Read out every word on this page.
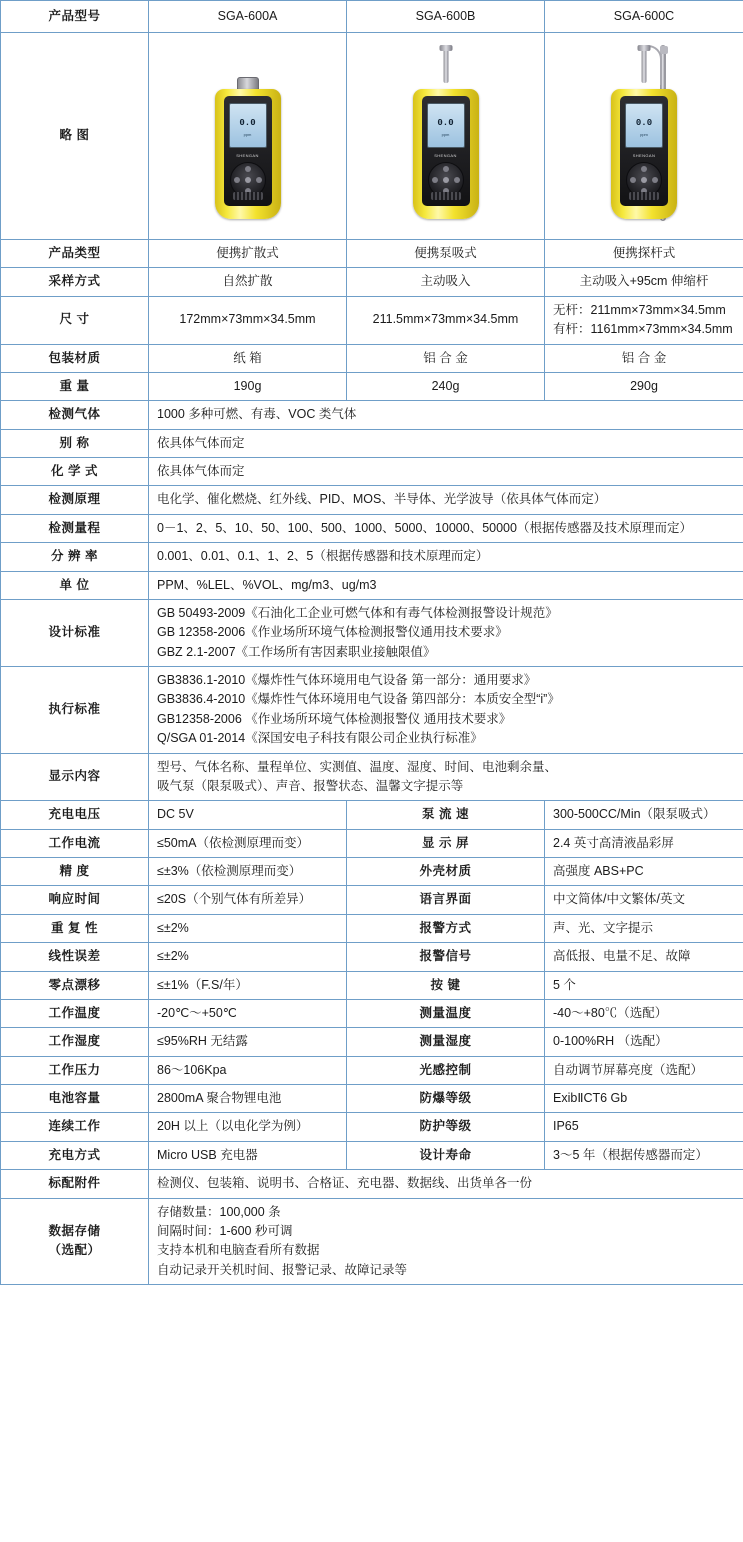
产品型号	SGA-600A	SGA-600B	SGA-600C
略 图	
0.0
ppm
SHENGAN

0.0
ppm
SHENGAN

0.0
ppm
SHENGAN

产品类型	便携扩散式	便携泵吸式	便携探杆式
采样方式	自然扩散	主动吸入	主动吸入+95cm 伸缩杆
尺 寸	172mm×73mm×34.5mm	211.5mm×73mm×34.5mm	无杆：211mm×73mm×34.5mm
有杆：1161mm×73mm×34.5mm

包装材质	纸 箱	铝 合 金	铝 合 金
重 量	190g	240g	290g
检测气体	1000 多种可燃、有毒、VOC 类气体		
别 称	依具体气体而定		
化 学 式	依具体气体而定		
检测原理	电化学、催化燃烧、红外线、PID、MOS、半导体、光学波导（依具体气体而定）		
检测量程	0－1、2、5、10、50、100、500、1000、5000、10000、50000（根据传感器及技术原理而定）		
分 辨 率	0.001、0.01、0.1、1、2、5（根据传感器和技术原理而定）		
单 位	PPM、%LEL、%VOL、mg/m3、ug/m3		
设计标准	GB 50493-2009《石油化工企业可燃气体和有毒气体检测报警设计规范》
GB 12358-2006《作业场所环境气体检测报警仪通用技术要求》
GBZ 2.1-2007《工作场所有害因素职业接触限值》		

执行标准	GB3836.1-2010《爆炸性气体环境用电气设备 第一部分：通用要求》
GB3836.4-2010《爆炸性气体环境用电气设备 第四部分：本质安全型“i”》
GB12358-2006 《作业场所环境气体检测报警仪 通用技术要求》
Q/SGA 01-2014《深国安电子科技有限公司企业执行标准》		

显示内容	型号、气体名称、量程单位、实测值、温度、湿度、时间、电池剩余量、
吸气泵（限泵吸式）、声音、报警状态、温馨文字提示等		

充电电压	DC 5V	泵 流 速	300-500CC/Min（限泵吸式）
工作电流	≤50mA（依检测原理而变）	显 示 屏	2.4 英寸高清液晶彩屏
精 度	≤±3%（依检测原理而变）	外壳材质	高强度 ABS+PC
响应时间	≤20S（个别气体有所差异）	语言界面	中文简体/中文繁体/英文
重 复 性	≤±2%	报警方式	声、光、文字提示
线性误差	≤±2%	报警信号	高低报、电量不足、故障
零点漂移	≤±1%（F.S/年）	按 键	5 个
工作温度	-20℃～+50℃	测量温度	-40～+80℃（选配）
工作湿度	≤95%RH 无结露	测量湿度	0-100%RH （选配）
工作压力	86～106Kpa	光感控制	自动调节屏幕亮度（选配）
电池容量	2800mA 聚合物锂电池	防爆等级	ExibⅡCT6 Gb
连续工作	20H 以上（以电化学为例）	防护等级	IP65
充电方式	Micro USB 充电器	设计寿命	3～5 年（根据传感器而定）
标配附件	检测仪、包装箱、说明书、合格证、充电器、数据线、出货单各一份		

数据存储
（选配）	存储数量：100,000 条
间隔时间：1-600 秒可调
支持本机和电脑查看所有数据
自动记录开关机时间、报警记录、故障记录等		
